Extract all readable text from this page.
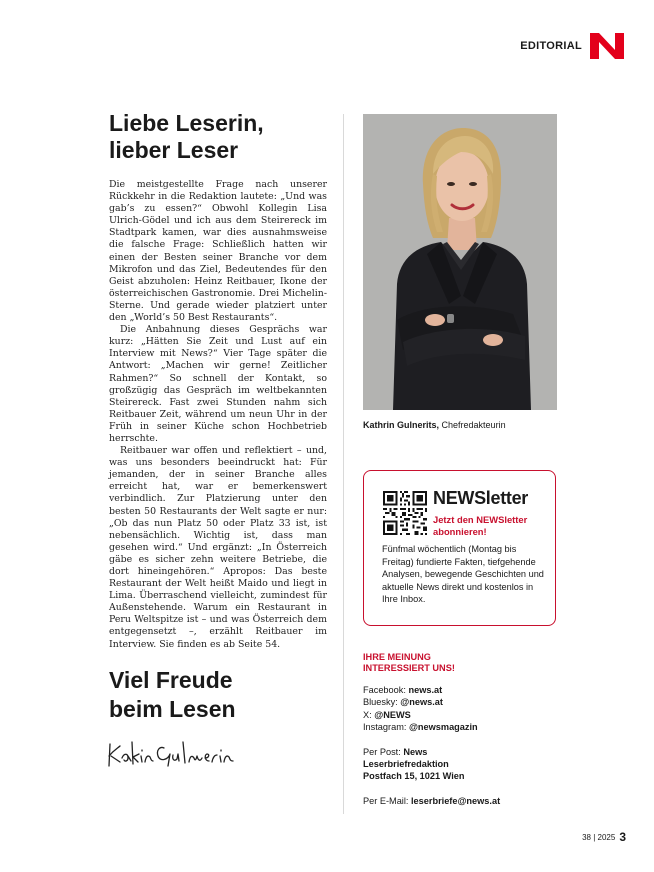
EDITORIAL
Liebe Leserin,
lieber Leser

Die meistgestellte Frage nach unserer Rückkehr in die Redaktion lautete: „Und was gab’s zu essen?“ Obwohl Kollegin Lisa Ulrich-Gödel und ich aus dem Steirereck im Stadtpark kamen, war dies ausnahmsweise die falsche Frage: Schließlich hatten wir einen der Besten seiner Branche vor dem Mikrofon und das Ziel, Bedeutendes für den Geist abzuholen: Heinz Reitbauer, Ikone der österreichischen Gastronomie. Drei Michelin-Sterne. Und gerade wieder platziert unter den „World’s 50 Best Restaurants“.

Die Anbahnung dieses Gesprächs war kurz: „Hätten Sie Zeit und Lust auf ein Interview mit News?“ Vier Tage später die Antwort: „Machen wir gerne! Zeitlicher Rahmen?“ So schnell der Kontakt, so großzügig das Gespräch im weltbekannten Steirereck. Fast zwei Stunden nahm sich Reitbauer Zeit, während um neun Uhr in der Früh in seiner Küche schon Hochbetrieb herrschte.

Reitbauer war offen und reflektiert – und, was uns besonders beeindruckt hat: Für jemanden, der in seiner Branche alles erreicht hat, war er bemerkenswert verbindlich. Zur Platzierung unter den besten 50 Restaurants der Welt sagte er nur: „Ob das nun Platz 50 oder Platz 33 ist, ist nebensächlich. Wichtig ist, dass man gesehen wird.“ Und ergänzt: „In Österreich gäbe es sicher zehn weitere Betriebe, die dort hineingehören.“ Apropos: Das beste Restaurant der Welt heißt Maido und liegt in Lima. Überraschend vielleicht, zumindest für Außenstehende. Warum ein Restaurant in Peru Weltspitze ist – und was Österreich dem entgegensetzt –, erzählt Reitbauer im Interview. Sie finden es ab Seite 54.

Viel Freude
beim Lesen
Kathrin Gulnerits, Chefredakteurin
NEWSletter
Jetzt den NEWSletter abonnieren!
Fünfmal wöchentlich (Montag bis Freitag) fundierte Fakten, tiefgehende Analysen, bewegende Geschichten und aktuelle News direkt und kostenlos in Ihre Inbox.
IHRE MEINUNG
INTERESSIERT UNS!
Facebook: news.at
Bluesky: @news.at
X: @NEWS
Instagram: @newsmagazin
Per Post: News
Leserbriefredaktion
Postfach 15, 1021 Wien
Per E-Mail: leserbriefe@news.at
38 | 2025 3
